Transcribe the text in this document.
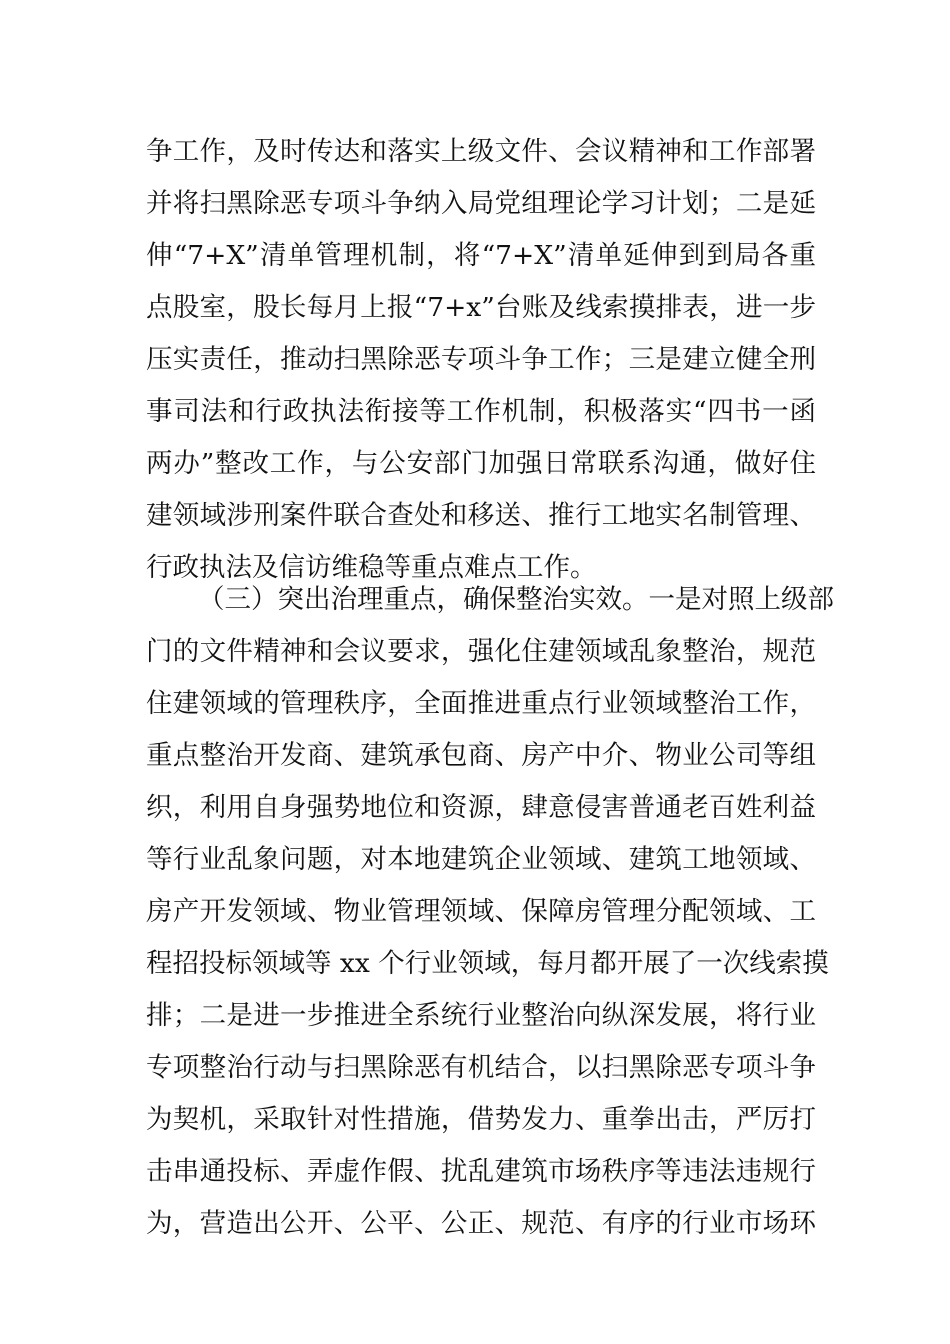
争工作，及时传达和落实上级文件、会议精神和工作部署
并将扫黑除恶专项斗争纳入局党组理论学习计划；二是延
伸“7+X”清单管理机制，将“7+X”清单延伸到到局各重
点股室，股长每月上报“7+x”台账及线索摸排表，进一步
压实责任，推动扫黑除恶专项斗争工作；三是建立健全刑
事司法和行政执法衔接等工作机制，积极落实“四书一函
两办”整改工作，与公安部门加强日常联系沟通，做好住
建领域涉刑案件联合查处和移送、推行工地实名制管理、
行政执法及信访维稳等重点难点工作。
（三）突出治理重点，确保整治实效。一是对照上级部
门的文件精神和会议要求，强化住建领域乱象整治，规范
住建领域的管理秩序，全面推进重点行业领域整治工作，
重点整治开发商、建筑承包商、房产中介、物业公司等组
织，利用自身强势地位和资源，肆意侵害普通老百姓利益
等行业乱象问题，对本地建筑企业领域、建筑工地领域、
房产开发领域、物业管理领域、保障房管理分配领域、工
程招投标领域等 xx 个行业领域，每月都开展了一次线索摸
排；二是进一步推进全系统行业整治向纵深发展，将行业
专项整治行动与扫黑除恶有机结合，以扫黑除恶专项斗争
为契机，采取针对性措施，借势发力、重拳出击，严厉打
击串通投标、弄虚作假、扰乱建筑市场秩序等违法违规行
为，营造出公开、公平、公正、规范、有序的行业市场环
